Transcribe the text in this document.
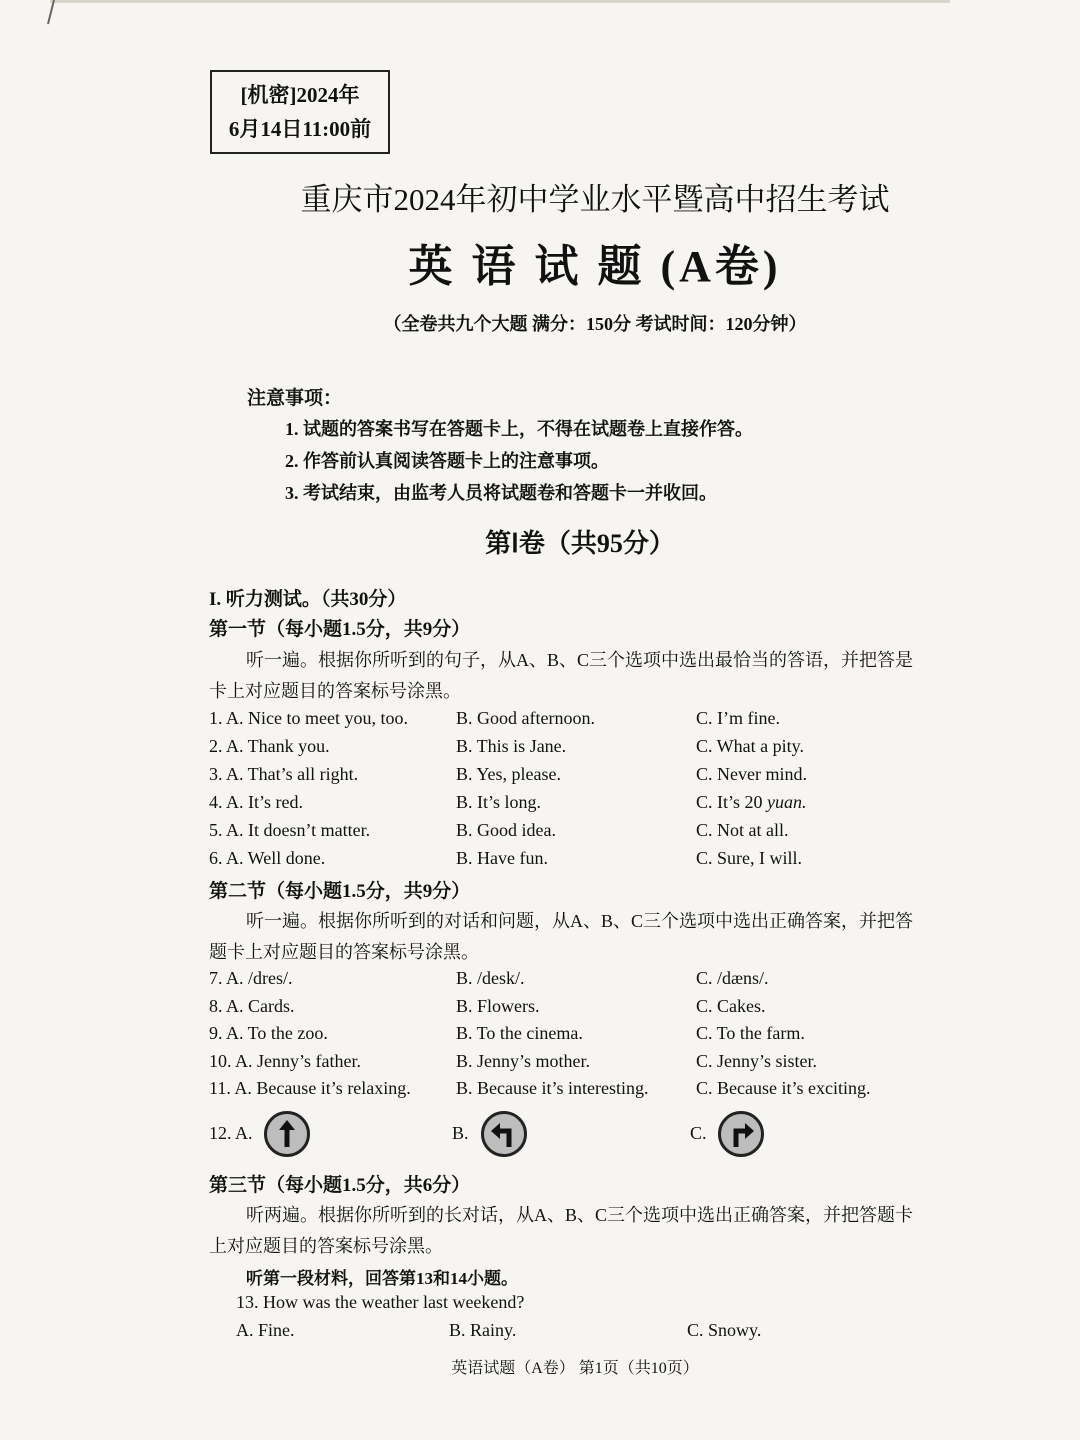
[机密]2024年
6月14日11:00前
重庆市2024年初中学业水平暨高中招生考试
英 语 试 题 (A卷)
（全卷共九个大题 满分：150分 考试时间：120分钟）
注意事项：
1. 试题的答案书写在答题卡上，不得在试题卷上直接作答。
2. 作答前认真阅读答题卡上的注意事项。
3. 考试结束，由监考人员将试题卷和答题卡一并收回。
第Ⅰ卷（共95分）
I. 听力测试。（共30分）
第一节（每小题1.5分，共9分）
听一遍。根据你所听到的句子，从A、B、C三个选项中选出最恰当的答语，并把答是
卡上对应题目的答案标号涂黑。
1. A. Nice to meet you, too.	B. Good afternoon.	C. I’m fine.
2. A. Thank you.	B. This is Jane.	C. What a pity.
3. A. That’s all right.	B. Yes, please.	C. Never mind.
4. A. It’s red.	B. It’s long.	C. It’s 20 yuan.
5. A. It doesn’t matter.	B. Good idea.	C. Not at all.
6. A. Well done.	B. Have fun.	C. Sure, I will.
第二节（每小题1.5分，共9分）
听一遍。根据你所听到的对话和问题，从A、B、C三个选项中选出正确答案，并把答
题卡上对应题目的答案标号涂黑。
7. A. /dres/.	B. /desk/.	C. /dæns/.
8. A. Cards.	B. Flowers.	C. Cakes.
9. A. To the zoo.	B. To the cinema.	C. To the farm.
10. A. Jenny’s father.	B. Jenny’s mother.	C. Jenny’s sister.
11. A. Because it’s relaxing.	B. Because it’s interesting.	C. Because it’s exciting.
12. A.	B.	C.
第三节（每小题1.5分，共6分）
听两遍。根据你所听到的长对话，从A、B、C三个选项中选出正确答案，并把答题卡
上对应题目的答案标号涂黑。
听第一段材料，回答第13和14小题。
13. How was the weather last weekend?
A. Fine.	B. Rainy.	C. Snowy.
英语试题（A卷） 第1页（共10页）
